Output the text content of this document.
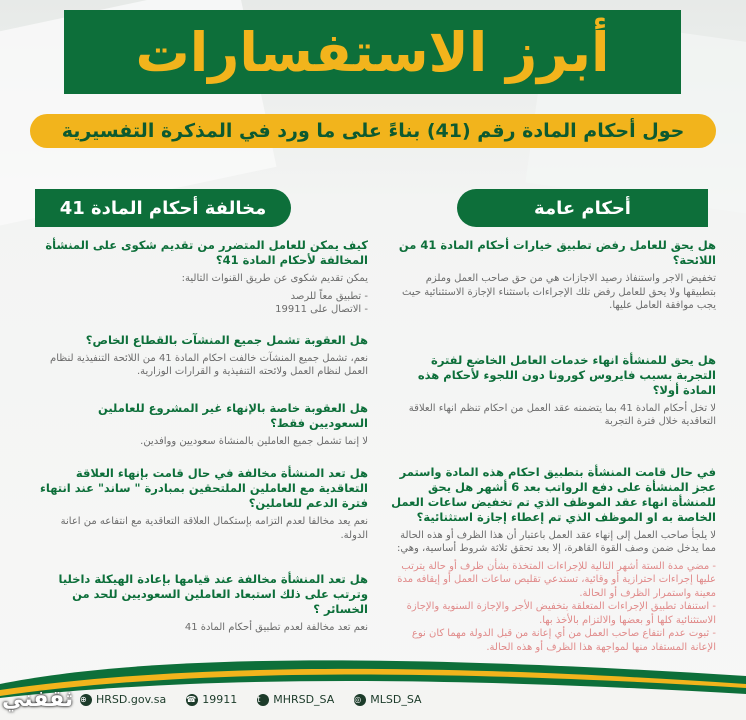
أبرز الاستفسارات
حول أحكام المادة رقم (41) بناءً على ما ورد في المذكرة التفسيرية
أحكام عامة
مخالفة أحكام المادة 41

هل يحق للعامل رفض تطبيق خيارات أحكام المادة 41 من اللائحة؟

تخفيض الاجر واستنفاذ رصيد الاجازات هي من حق صاحب العمل وملزم بتطبيقها ولا يحق للعامل رفض تلك الإجراءات باستثناء الإجازة الاستثنائية حيث يجب موافقة العامل عليها.

هل يحق للمنشأة انهاء خدمات العامل الخاضع لفترة التجربة بسبب فايروس كورونا دون اللجوء لأحكام هذه المادة أولا؟

لا تخل أحكام المادة 41 بما يتضمنه عقد العمل من احكام تنظم انهاء العلاقة التعاقدية خلال فترة التجربة

في حال قامت المنشأة بتطبيق احكام هذه المادة واستمر عجز المنشأة على دفع الرواتب بعد 6 أشهر هل يحق للمنشأة انهاء عقد الموظف الذي تم تخفيض ساعات العمل الخاصة به او الموظف الذي تم إعطاء إجازة استثنائية؟

لا يلجأ صاحب العمل إلى إنهاء عقد العمل باعتبار أن هذا الظرف أو هذه الحالة مما يدخل ضمن وصف القوة القاهرة، إلا بعد تحقق ثلاثة شروط أساسية، وهي:

- مضي مدة الستة أشهر التالية للإجراءات المتخذة بشأن ظرف أو حالة يترتب عليها إجراءات احترازية أو وقائية، تستدعي تقليص ساعات العمل أو إيقافه مدة معينة واستمرار الظرف أو الحالة.
- استنفاد تطبيق الإجراءات المتعلقة بتخفيض الأجر والإجازة السنوية والإجازة الاستثنائية كلها أو بعضها والالتزام بالأخذ بها.
- ثبوت عدم انتفاع صاحب العمل من أي إعانة من قبل الدولة مهما كان نوع الإعانة المستفاد منها لمواجهة هذا الظرف أو هذه الحالة.

كيف يمكن للعامل المتضرر من تقديم شكوى على المنشأة المخالفة لأحكام المادة 41؟

يمكن تقديم شكوى عن طريق القنوات التالية:

- تطبيق معاً للرصد
- الاتصال على 19911

هل العقوبة تشمل جميع المنشآت بالقطاع الخاص؟

نعم، تشمل جميع المنشآت خالفت احكام المادة 41 من اللائحة التنفيذية لنظام العمل لنظام العمل ولائحته التنفيذية و القرارات الوزارية.

هل العقوبة خاصة بالإنهاء غير المشروع للعاملين السعوديين فقط؟

لا إنما تشمل جميع العاملين بالمنشاة سعوديين ووافدين.

هل تعد المنشأة مخالفة في حال قامت بإنهاء العلاقة التعاقدية مع العاملين الملتحقين بمبادرة " ساند" عند انتهاء فترة الدعم للعاملين؟

نعم يعد مخالفا لعدم التزامه بإستكمال العلاقة التعاقدية مع انتفاعه من اعانة الدولة.

هل تعد المنشأة مخالفة عند قيامها بإعادة الهيكلة داخليا وترتب على ذلك استبعاد العاملين السعوديين للحد من الخسائر ؟

نعم تعد مخالفة لعدم تطبيق أحكام المادة 41

⊕ HRSD.gov.sa	☎ 19911	t	MHRSD_SA	◎ MLSD_SA
ثقفني
